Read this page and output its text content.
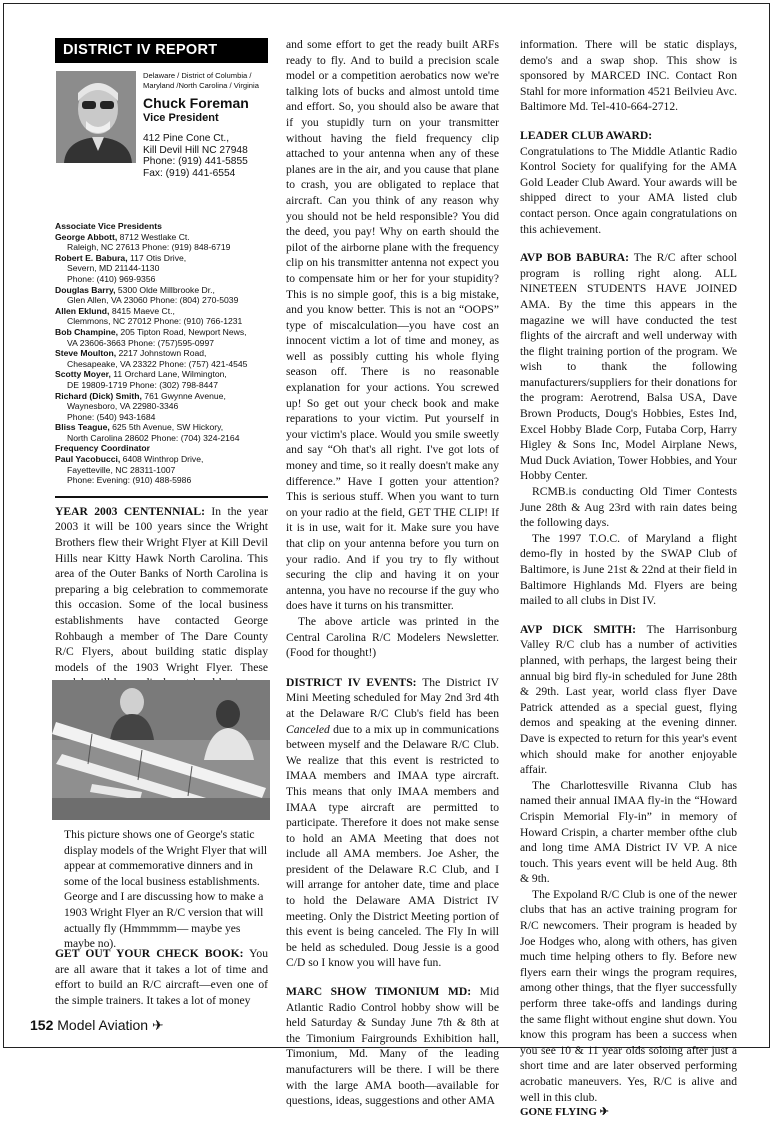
DISTRICT IV REPORT
Delaware / District of Columbia /
Maryland /North Carolina / Virginia
Chuck Foreman
Vice President
412 Pine Cone Ct.,
Kill Devil Hill NC 27948
Phone: (919) 441-5855
Fax: (919) 441-6554
Associate Vice Presidents
George Abbott, 8712 Westlake Ct.
Raleigh, NC 27613 Phone: (919) 848-6719
Robert E. Babura, 117 Otis Drive,
Severn, MD 21144-1130
Phone: (410) 969-9356
Douglas Barry, 5300 Olde Millbrooke Dr.,
Glen Allen, VA 23060 Phone: (804) 270-5039
Allen Eklund, 8415 Maeve Ct.,
Clemmons, NC 27012 Phone: (910) 766-1231
Bob Champine, 205 Tipton Road, Newport News,
VA 23606-3663 Phone: (757)595-0997
Steve Moulton, 2217 Johnstown Road,
Chesapeake, VA 23322 Phone: (757) 421-4545
Scotty Moyer, 11 Orchard Lane, Wilmington,
DE 19809-1719 Phone: (302) 798-8447
Richard (Dick) Smith, 761 Gwynne Avenue,
Waynesboro, VA 22980-3346
Phone: (540) 943-1684
Bliss Teague, 625 5th Avenue, SW Hickory,
North Carolina 28602 Phone: (704) 324-2164
Frequency Coordinator
Paul Yacobucci, 6408 Winthrop Drive,
Fayetteville, NC 28311-1007
Phone: Evening: (910) 488-5986

YEAR 2003 CENTENNIAL: In the year 2003 it will be 100 years since the Wright Brothers flew their Wright Flyer at Kill Devil Hills near Kitty Hawk North Carolina. This area of the Outer Banks of North Carolina is preparing a big celebration to commemorate this occasion. Some of the local business establishments have contacted George Rohbaugh a member of The Dare County R/C Flyers, about building static display models of the 1903 Wright Flyer. These

This picture shows one of George's static display models of the Wright Flyer that will appear at commemorative dinners and in some of the local business establishments. George and I are discussing how to make a 1903 Wright Flyer an R/C version that will actually fly (Hmmmmm— maybe yes maybe no).

GET OUT YOUR CHECK BOOK: You are all aware that it takes a lot of time and effort to build an R/C aircraft—even one of the simple trainers. It takes a lot of money

and some effort to get the ready built ARFs ready to fly. And to build a precision scale model or a competition aerobatics now we're talking lots of bucks and almost untold time and effort. So, you should also be aware that if you stupidly turn on your transmitter without having the field frequency clip attached to your antenna when any of these planes are in the air, and you cause that plane to crash, you are obligated to replace that aircraft. Can you think of any reason why you should not be held responsible? You did the deed, you pay! Why on earth should the pilot of the airborne plane with the frequency clip on his transmitter antenna not expect you to compensate him or her for your stupidity? This is no simple goof, this is a big mistake, and you know better. This is not an “OOPS” type of miscalculation—you have cost an innocent victim a lot of time and money, as well as possibly cutting his whole flying season off. There is no reasonable explanation for your actions. You screwed up! So get out your check book and make reparations to your victim. Put yourself in your victim's place. Would you smile sweetly and say “Oh that's all right. I've got lots of money and time, so it really doesn't make any difference.” Have I gotten your attention? This is serious stuff. When you want to turn on your radio at the field, GET THE CLIP! If it is in use, wait for it. Make sure you have that clip on your antenna before you turn on your radio. And if you try to fly without securing the clip and having it on your antenna, you have no recourse if the guy who does have it turns on his transmitter.

The above article was printed in the Central Carolina R/C Modelers Newsletter. (Food for thought!)

DISTRICT IV EVENTS: The District IV Mini Meeting scheduled for May 2nd 3rd 4th at the Delaware R/C Club's field has been Canceled due to a mix up in communications between myself and the Delaware R/C Club. We realize that this event is restricted to IMAA members and IMAA type aircraft. This means that only IMAA members and IMAA type aircraft are permitted to participate. Therefore it does not make sense to hold an AMA Meeting that does not include all AMA members. Joe Asher, the president of the Delaware R.C Club, and I will arrange for antoher date, time and place to hold the Delaware AMA District IV meeting. Only the District Meeting portion of this event is being canceled. The Fly In will be held as scheduled. Doug Jessie is a good C/D so I know you will have fun.

MARC SHOW TIMONIUM MD: Mid Atlantic Radio Control hobby show will be held Saturday & Sunday June 7th & 8th at the Timonium Fairgrounds Exhibition hall, Timonium, Md. Many of the leading manufacturers will be there. I will be there with the large AMA booth—available for questions, ideas, suggestions and other AMA

information. There will be static displays, demo's and a swap shop. This show is sponsored by MARCED INC. Contact Ron Stahl for more information 4521 Beilvieu Avc. Baltimore Md. Tel-410-664-2712.

LEADER CLUB AWARD:

Congratulations to The Middle Atlantic Radio Kontrol Society for qualifying for the AMA Gold Leader Club Award. Your awards will be shipped direct to your AMA listed club contact person. Once again congratulations on this achievement.

AVP BOB BABURA: The R/C after school program is rolling right along. ALL NINETEEN STUDENTS HAVE JOINED AMA. By the time this appears in the magazine we will have conducted the test flights of the aircraft and well underway with the flight training portion of the program. We wish to thank the following manufacturers/suppliers for their donations for the program: Aerotrend, Balsa USA, Dave Brown Products, Doug's Hobbies, Estes Ind, Excel Hobby Blade Corp, Futaba Corp, Harry Higley & Sons Inc, Model Airplane News, Mud Duck Aviation, Tower Hobbies, and Your Hobby Center.

RCMB.is conducting Old Timer Contests June 28th & Aug 23rd with rain dates being the following days.

The 1997 T.O.C. of Maryland a flight demo-fly in hosted by the SWAP Club of Baltimore, is June 21st & 22nd at their field in Baltimore Highlands Md. Flyers are being mailed to all clubs in Dist IV.

AVP DICK SMITH: The Harrisonburg Valley R/C club has a number of activities planned, with perhaps, the largest being their annual big bird fly-in scheduled for June 28th & 29th. Last year, world class flyer Dave Patrick attended as a special guest, flying demos and speaking at the evening dinner. Dave is expected to return for this year's event which should make for another enjoyable affair.

The Charlottesville Rivanna Club has named their annual IMAA fly-in the “Howard Crispin Memorial Fly-in” in memory of Howard Crispin, a charter member ofthe club and long time AMA District IV VP. A nice touch. This years event will be held Aug. 8th & 9th.

The Expoland R/C Club is one of the newer clubs that has an active training program for R/C newcomers. Their program is headed by Joe Hodges who, along with others, has given much time helping others to fly. Before new flyers earn their wings the program requires, among other things, that the flyer successfully perform three take-offs and landings during the same flight without engine shut down. You know this program has been a success when you see 10 & 11 year olds soloing after just a short time and are later observed performing acrobatic maneuvers. Yes, R/C is alive and well in this club.

GONE FLYING ✈

152 Model Aviation ✈
